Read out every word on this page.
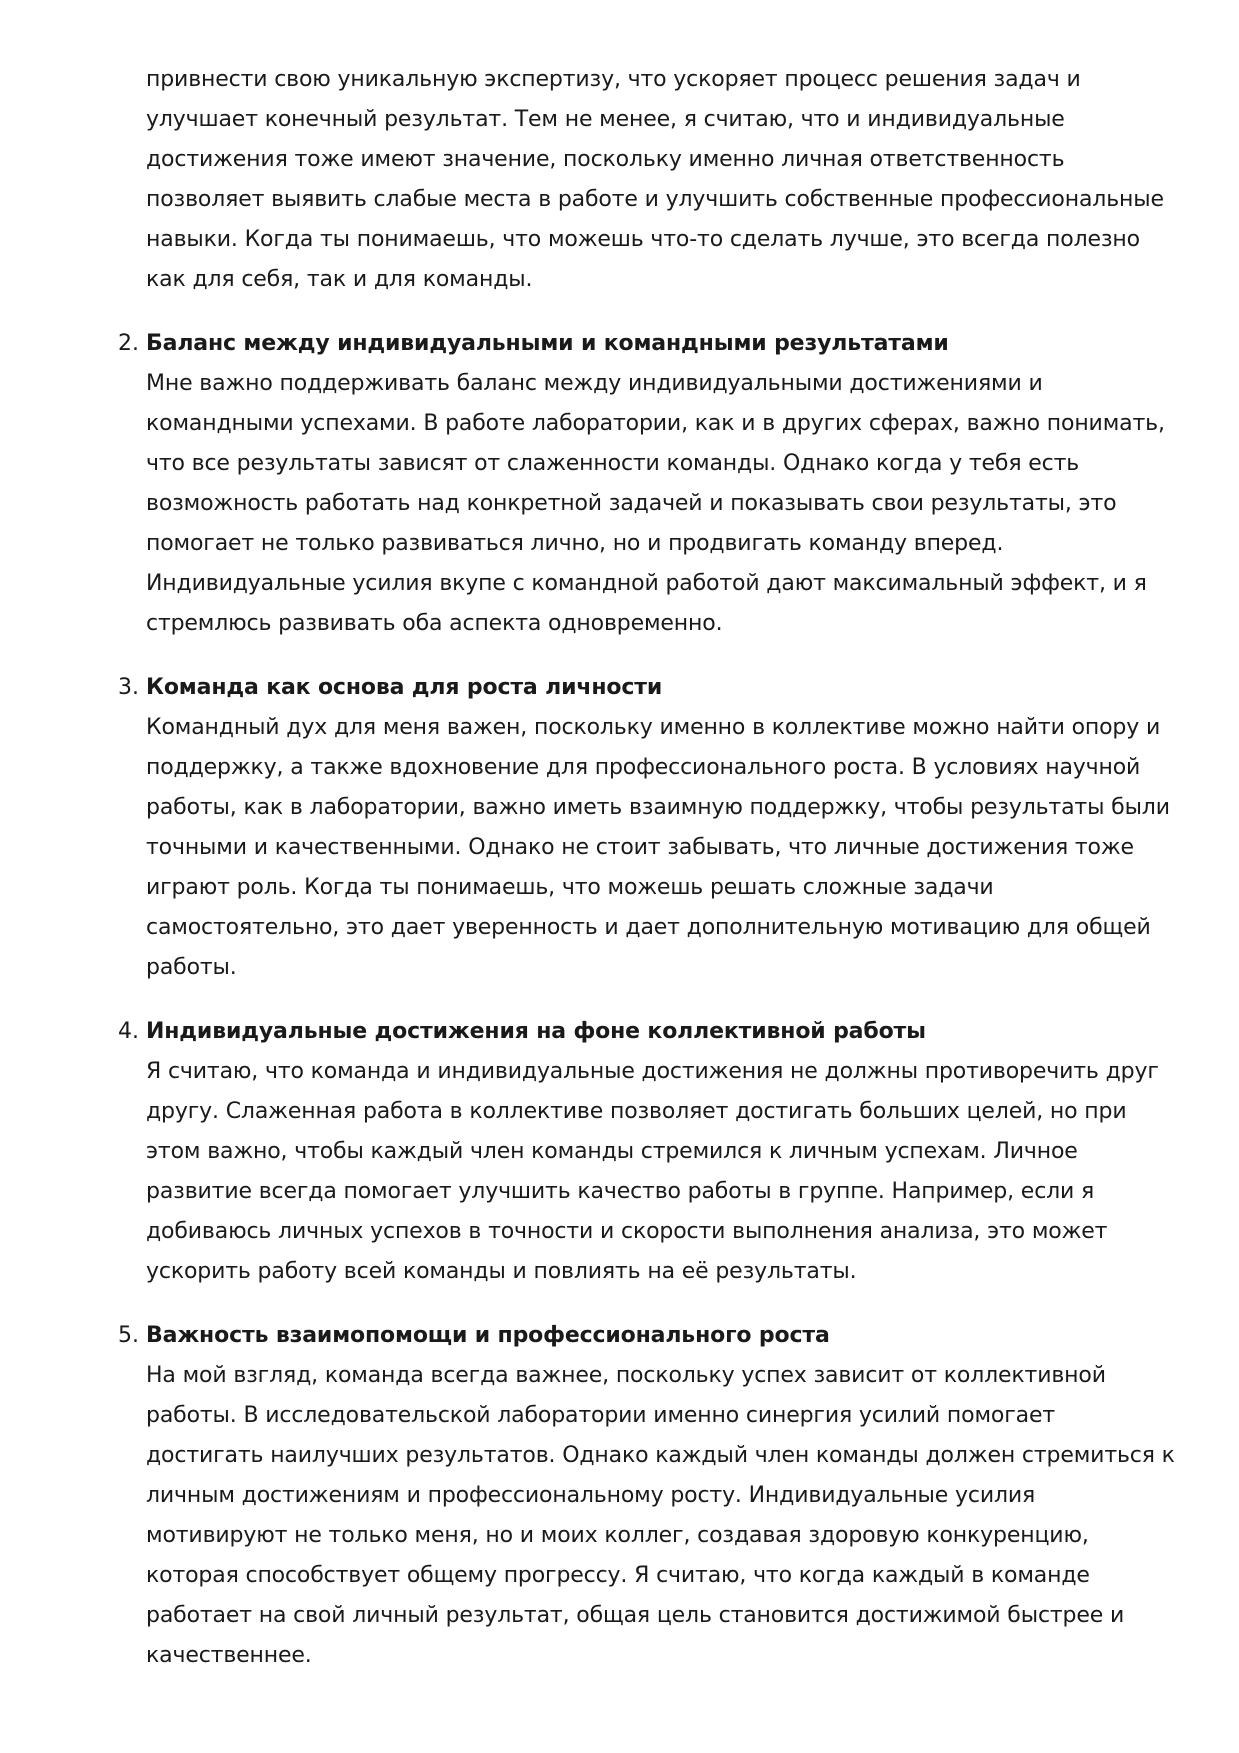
привнести свою уникальную экспертизу, что ускоряет процесс решения задач и улучшает конечный результат. Тем не менее, я считаю, что и индивидуальные достижения тоже имеют значение, поскольку именно личная ответственность позволяет выявить слабые места в работе и улучшить собственные профессиональные навыки. Когда ты понимаешь, что можешь что-то сделать лучше, это всегда полезно как для себя, так и для команды.

2. Баланс между индивидуальными и командными результатами

Мне важно поддерживать баланс между индивидуальными достижениями и командными успехами. В работе лаборатории, как и в других сферах, важно понимать, что все результаты зависят от слаженности команды. Однако когда у тебя есть возможность работать над конкретной задачей и показывать свои результаты, это помогает не только развиваться лично, но и продвигать команду вперед. Индивидуальные усилия вкупе с командной работой дают максимальный эффект, и я стремлюсь развивать оба аспекта одновременно.

3. Команда как основа для роста личности

Командный дух для меня важен, поскольку именно в коллективе можно найти опору и поддержку, а также вдохновение для профессионального роста. В условиях научной работы, как в лаборатории, важно иметь взаимную поддержку, чтобы результаты были точными и качественными. Однако не стоит забывать, что личные достижения тоже играют роль. Когда ты понимаешь, что можешь решать сложные задачи самостоятельно, это дает уверенность и дает дополнительную мотивацию для общей работы.

4. Индивидуальные достижения на фоне коллективной работы

Я считаю, что команда и индивидуальные достижения не должны противоречить друг другу. Слаженная работа в коллективе позволяет достигать больших целей, но при этом важно, чтобы каждый член команды стремился к личным успехам. Личное развитие всегда помогает улучшить качество работы в группе. Например, если я добиваюсь личных успехов в точности и скорости выполнения анализа, это может ускорить работу всей команды и повлиять на её результаты.

5. Важность взаимопомощи и профессионального роста

На мой взгляд, команда всегда важнее, поскольку успех зависит от коллективной работы. В исследовательской лаборатории именно синергия усилий помогает достигать наилучших результатов. Однако каждый член команды должен стремиться к личным достижениям и профессиональному росту. Индивидуальные усилия мотивируют не только меня, но и моих коллег, создавая здоровую конкуренцию, которая способствует общему прогрессу. Я считаю, что когда каждый в команде работает на свой личный результат, общая цель становится достижимой быстрее и качественнее.
